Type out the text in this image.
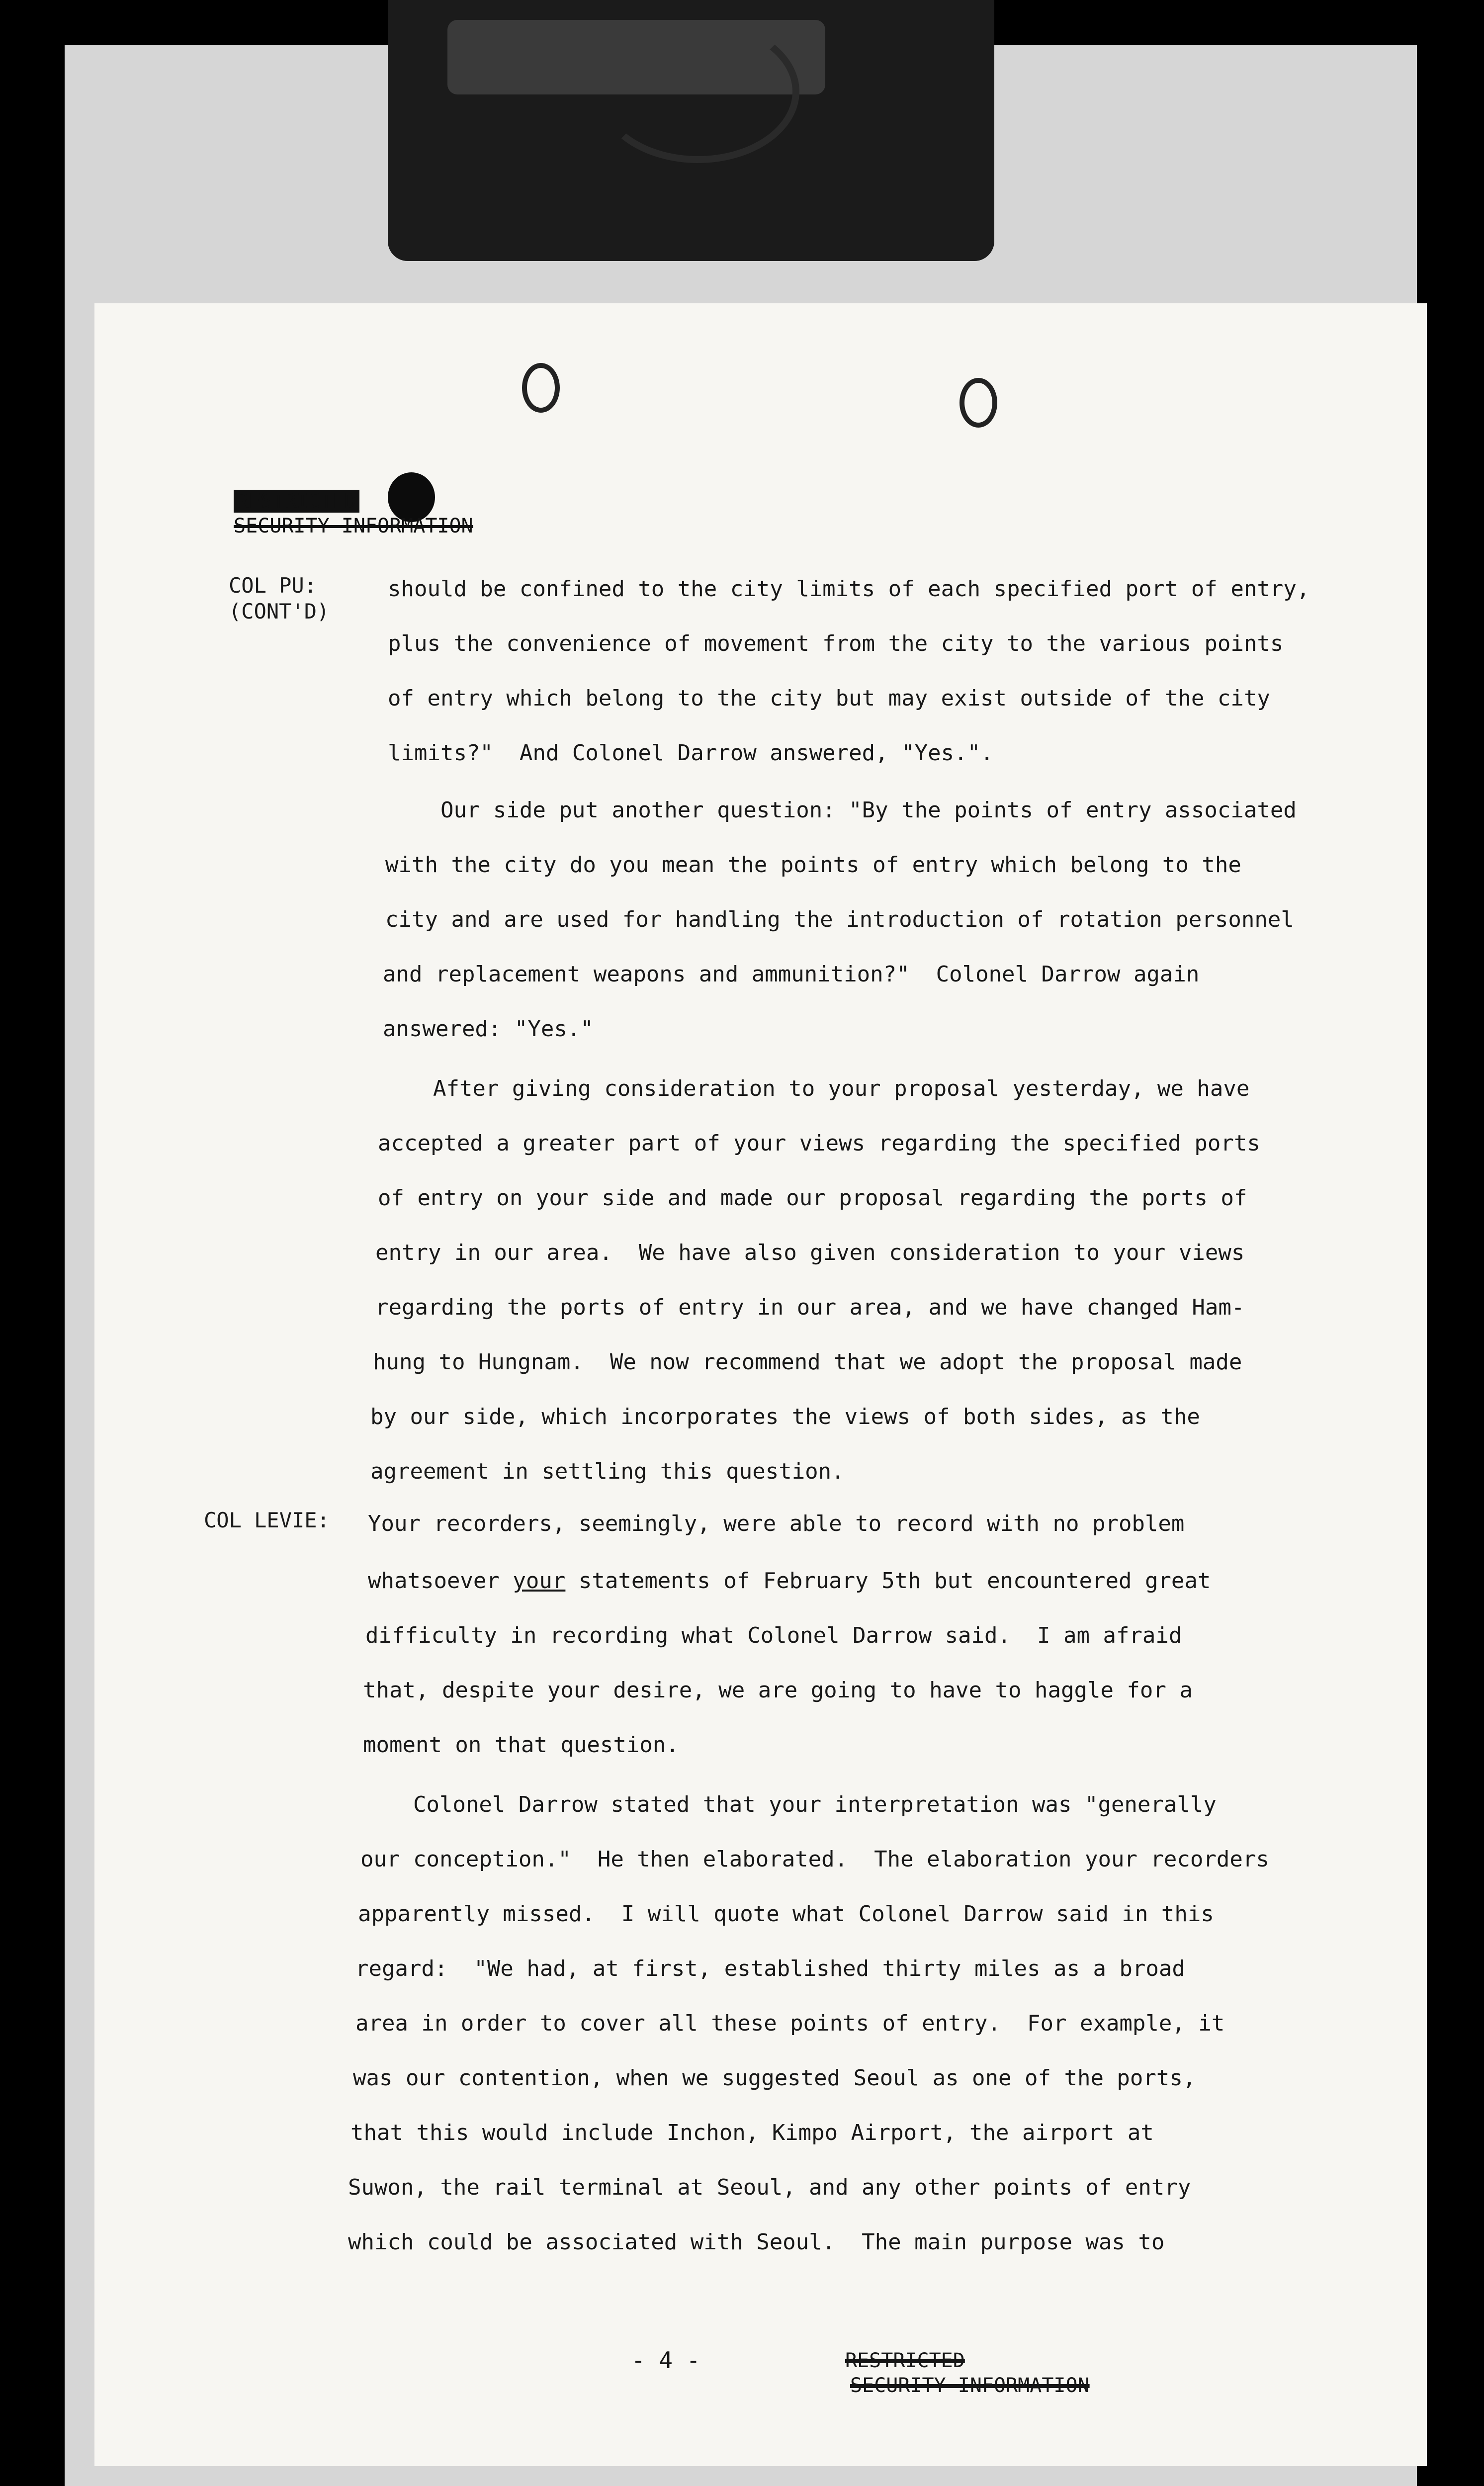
RESTRICTED
SECURITY INFORMATION
COL PU:
(CONT'D)
COL LEVIE:
should be confined to the city limits of each specified port of entry,
plus the convenience of movement from the city to the various points
of entry which belong to the city but may exist outside of the city
limits?"  And Colonel Darrow answered, "Yes.".
Our side put another question: "By the points of entry associated
with the city do you mean the points of entry which belong to the
city and are used for handling the introduction of rotation personnel
and replacement weapons and ammunition?"  Colonel Darrow again
answered: "Yes."
After giving consideration to your proposal yesterday, we have
accepted a greater part of your views regarding the specified ports
of entry on your side and made our proposal regarding the ports of
entry in our area.  We have also given consideration to your views
regarding the ports of entry in our area, and we have changed Ham-
hung to Hungnam.  We now recommend that we adopt the proposal made
by our side, which incorporates the views of both sides, as the
agreement in settling this question.
Your recorders, seemingly, were able to record with no problem
whatsoever your statements of February 5th but encountered great
difficulty in recording what Colonel Darrow said.  I am afraid
that, despite your desire, we are going to have to haggle for a
moment on that question.
Colonel Darrow stated that your interpretation was "generally
our conception."  He then elaborated.  The elaboration your recorders
apparently missed.  I will quote what Colonel Darrow said in this
regard:  "We had, at first, established thirty miles as a broad
area in order to cover all these points of entry.  For example, it
was our contention, when we suggested Seoul as one of the ports,
that this would include Inchon, Kimpo Airport, the airport at
Suwon, the rail terminal at Seoul, and any other points of entry
which could be associated with Seoul.  The main purpose was to
- 4 -	RESTRICTED
SECURITY INFORMATION
